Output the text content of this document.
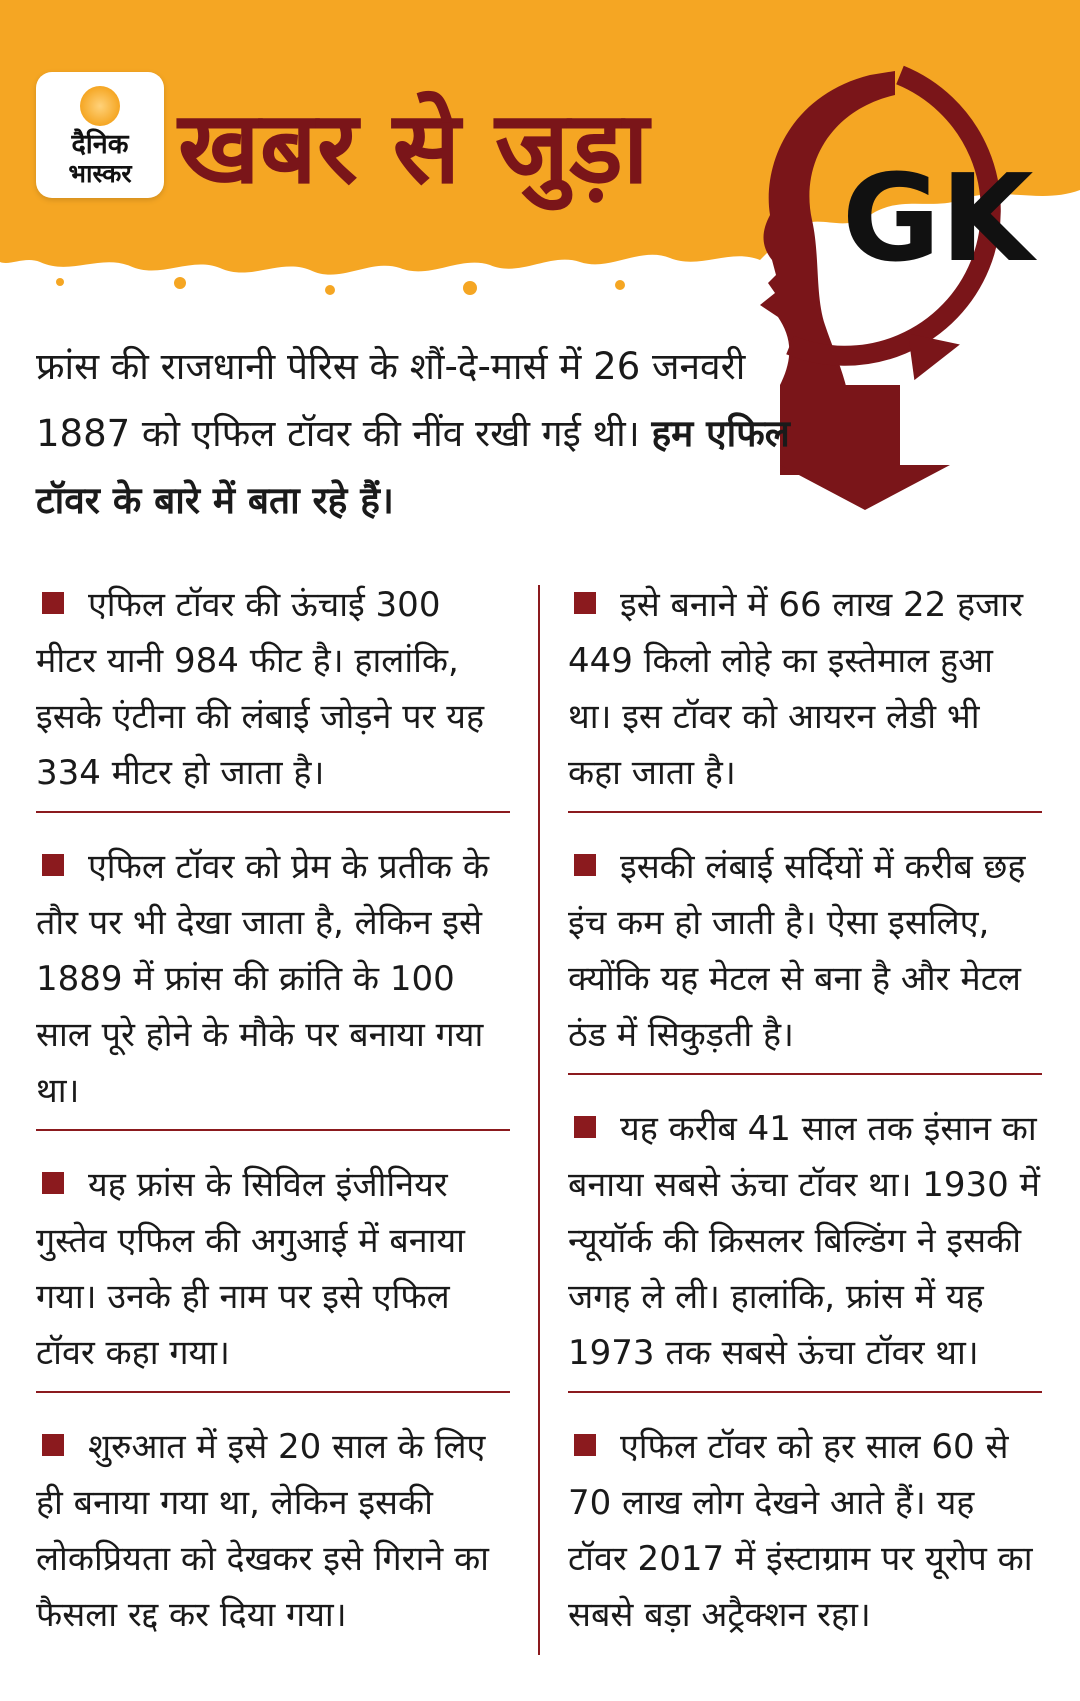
दैनिक
भास्कर खबर से जुड़ा
GK
फ्रांस की राजधानी पेरिस के शौं-दे-मार्स में 26 जनवरी 1887 को एफिल टॉवर की नींव रखी गई थी। हम एफिल टॉवर के बारे में बता रहे हैं।
एफिल टॉवर की ऊंचाई 300 मीटर यानी 984 फीट है। हालांकि, इसके एंटीना की लंबाई जोड़ने पर यह 334 मीटर हो जाता है।
एफिल टॉवर को प्रेम के प्रतीक के तौर पर भी देखा जाता है, लेकिन इसे 1889 में फ्रांस की क्रांति के 100 साल पूरे होने के मौके पर बनाया गया था।
यह फ्रांस के सिविल इंजीनियर गुस्तेव एफिल की अगुआई में बनाया गया। उनके ही नाम पर इसे एफिल टॉवर कहा गया।
शुरुआत में इसे 20 साल के लिए ही बनाया गया था, लेकिन इसकी लोकप्रियता को देखकर इसे गिराने का फैसला रद्द कर दिया गया।
इसे बनाने में 66 लाख 22 हजार 449 किलो लोहे का इस्तेमाल हुआ था। इस टॉवर को आयरन लेडी भी कहा जाता है।
इसकी लंबाई सर्दियों में करीब छह इंच कम हो जाती है। ऐसा इसलिए, क्योंकि यह मेटल से बना है और मेटल ठंड में सिकुड़ती है।
यह करीब 41 साल तक इंसान का बनाया सबसे ऊंचा टॉवर था। 1930 में न्यूयॉर्क की क्रिसलर बिल्डिंग ने इसकी जगह ले ली। हालांकि, फ्रांस में यह 1973 तक सबसे ऊंचा टॉवर था।
एफिल टॉवर को हर साल 60 से 70 लाख लोग देखने आते हैं। यह टॉवर 2017 में इंस्टाग्राम पर यूरोप का सबसे बड़ा अट्रैक्शन रहा।
